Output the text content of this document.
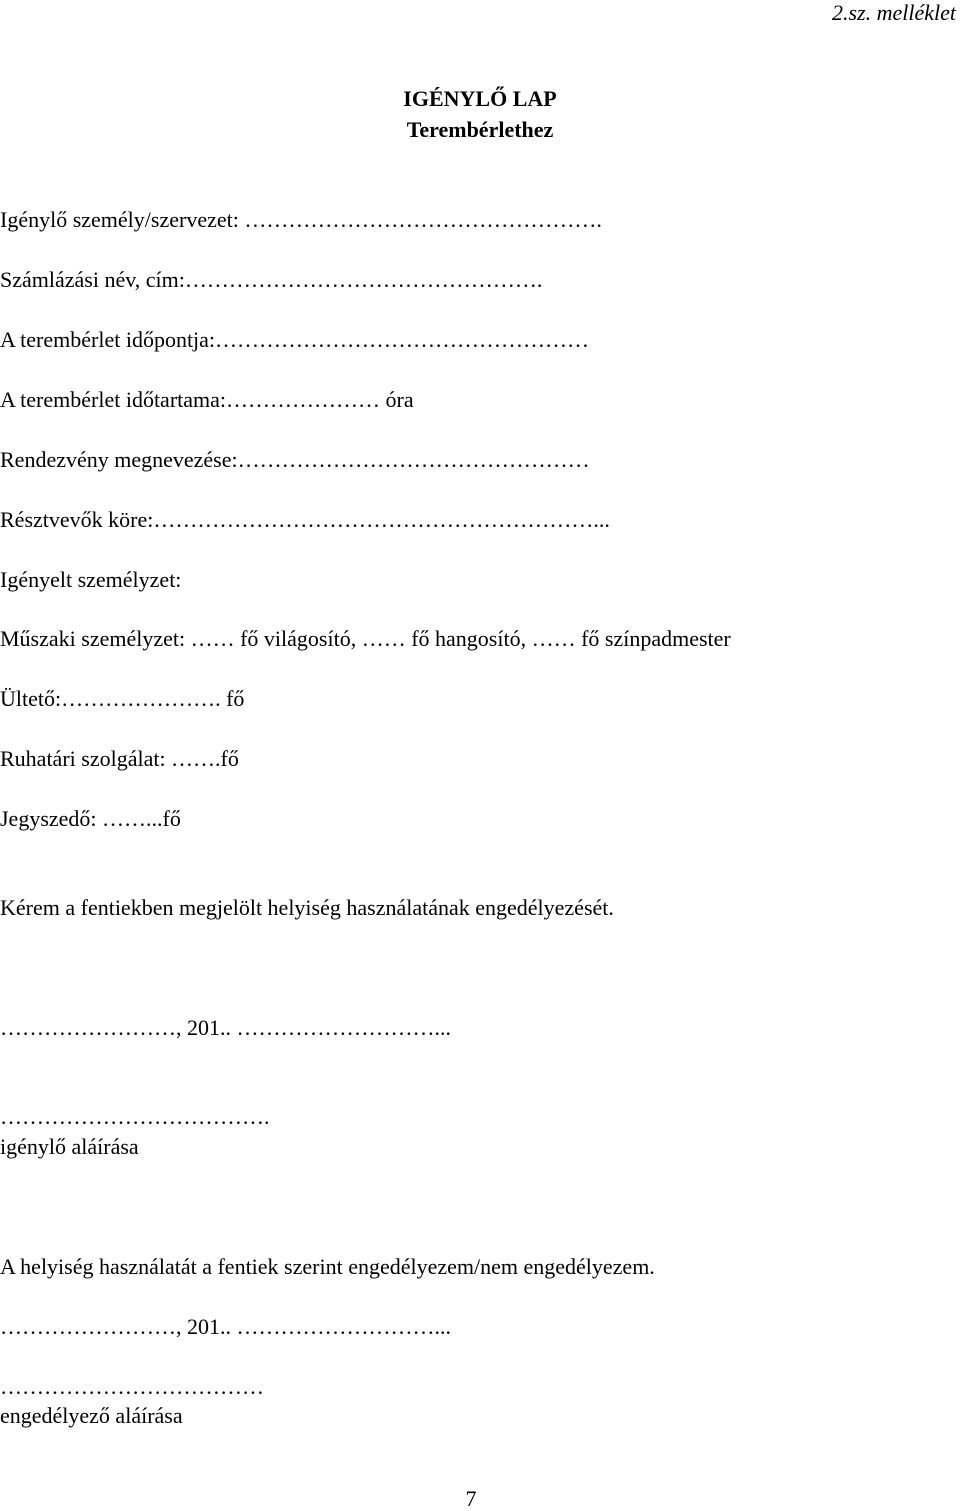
2.sz. melléklet
IGÉNYLŐ LAP
Terembérlethez
Igénylő személy/szervezet: ………………………………………….
Számlázási név, cím:………………………………………….
A terembérlet időpontja:……………………………………………
A terembérlet időtartama:………………… óra
Rendezvény megnevezése:…………………………………………
Résztvevők köre:……………………………………………………...
Igényelt személyzet:
Műszaki személyzet: …… fő világosító, …… fő hangosító, …… fő színpadmester
Ültető:…………………. fő
Ruhatári szolgálat: …….fő
Jegyszedő: ……...fő
Kérem a fentiekben megjelölt helyiség használatának engedélyezését.
……………………, 201.. ………………………...
……………………………….
igénylő aláírása
A helyiség használatát a fentiek szerint engedélyezem/nem engedélyezem.
……………………, 201.. ………………………...
………………………………
engedélyező aláírása
7
